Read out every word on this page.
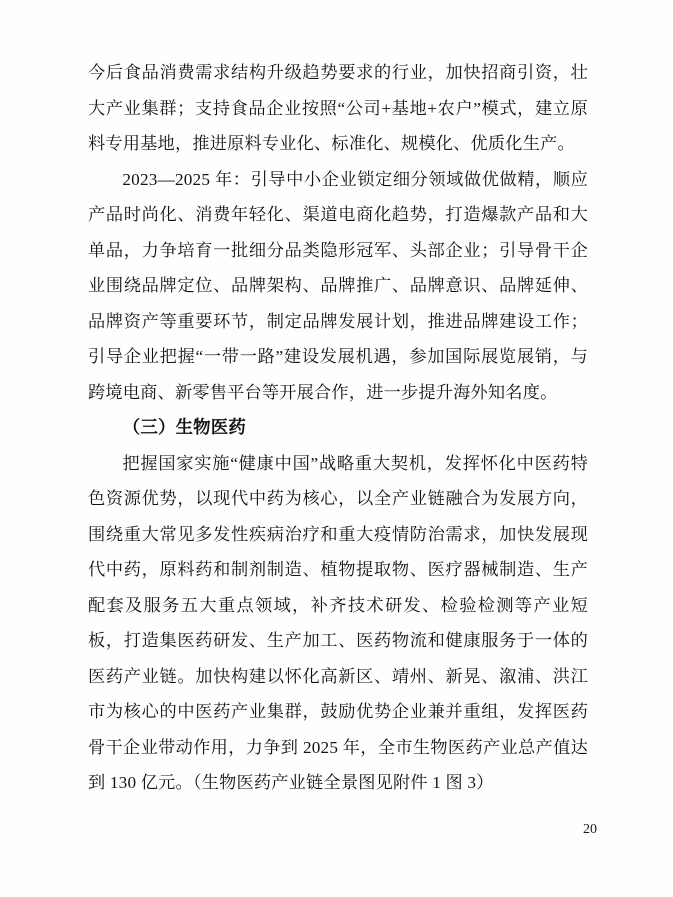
今后食品消费需求结构升级趋势要求的行业，加快招商引资，壮大产业集群；支持食品企业按照“公司+基地+农户”模式，建立原料专用基地，推进原料专业化、标准化、规模化、优质化生产。

2023—2025 年：引导中小企业锁定细分领域做优做精，顺应产品时尚化、消费年轻化、渠道电商化趋势，打造爆款产品和大单品，力争培育一批细分品类隐形冠军、头部企业；引导骨干企业围绕品牌定位、品牌架构、品牌推广、品牌意识、品牌延伸、品牌资产等重要环节，制定品牌发展计划，推进品牌建设工作；引导企业把握“一带一路”建设发展机遇，参加国际展览展销，与跨境电商、新零售平台等开展合作，进一步提升海外知名度。

（三）生物医药

把握国家实施“健康中国”战略重大契机，发挥怀化中医药特色资源优势，以现代中药为核心，以全产业链融合为发展方向，围绕重大常见多发性疾病治疗和重大疫情防治需求，加快发展现代中药，原料药和制剂制造、植物提取物、医疗器械制造、生产配套及服务五大重点领域，补齐技术研发、检验检测等产业短板，打造集医药研发、生产加工、医药物流和健康服务于一体的医药产业链。加快构建以怀化高新区、靖州、新晃、溆浦、洪江市为核心的中医药产业集群，鼓励优势企业兼并重组，发挥医药骨干企业带动作用，力争到 2025 年，全市生物医药产业总产值达到 130 亿元。（生物医药产业链全景图见附件 1 图 3）

20
